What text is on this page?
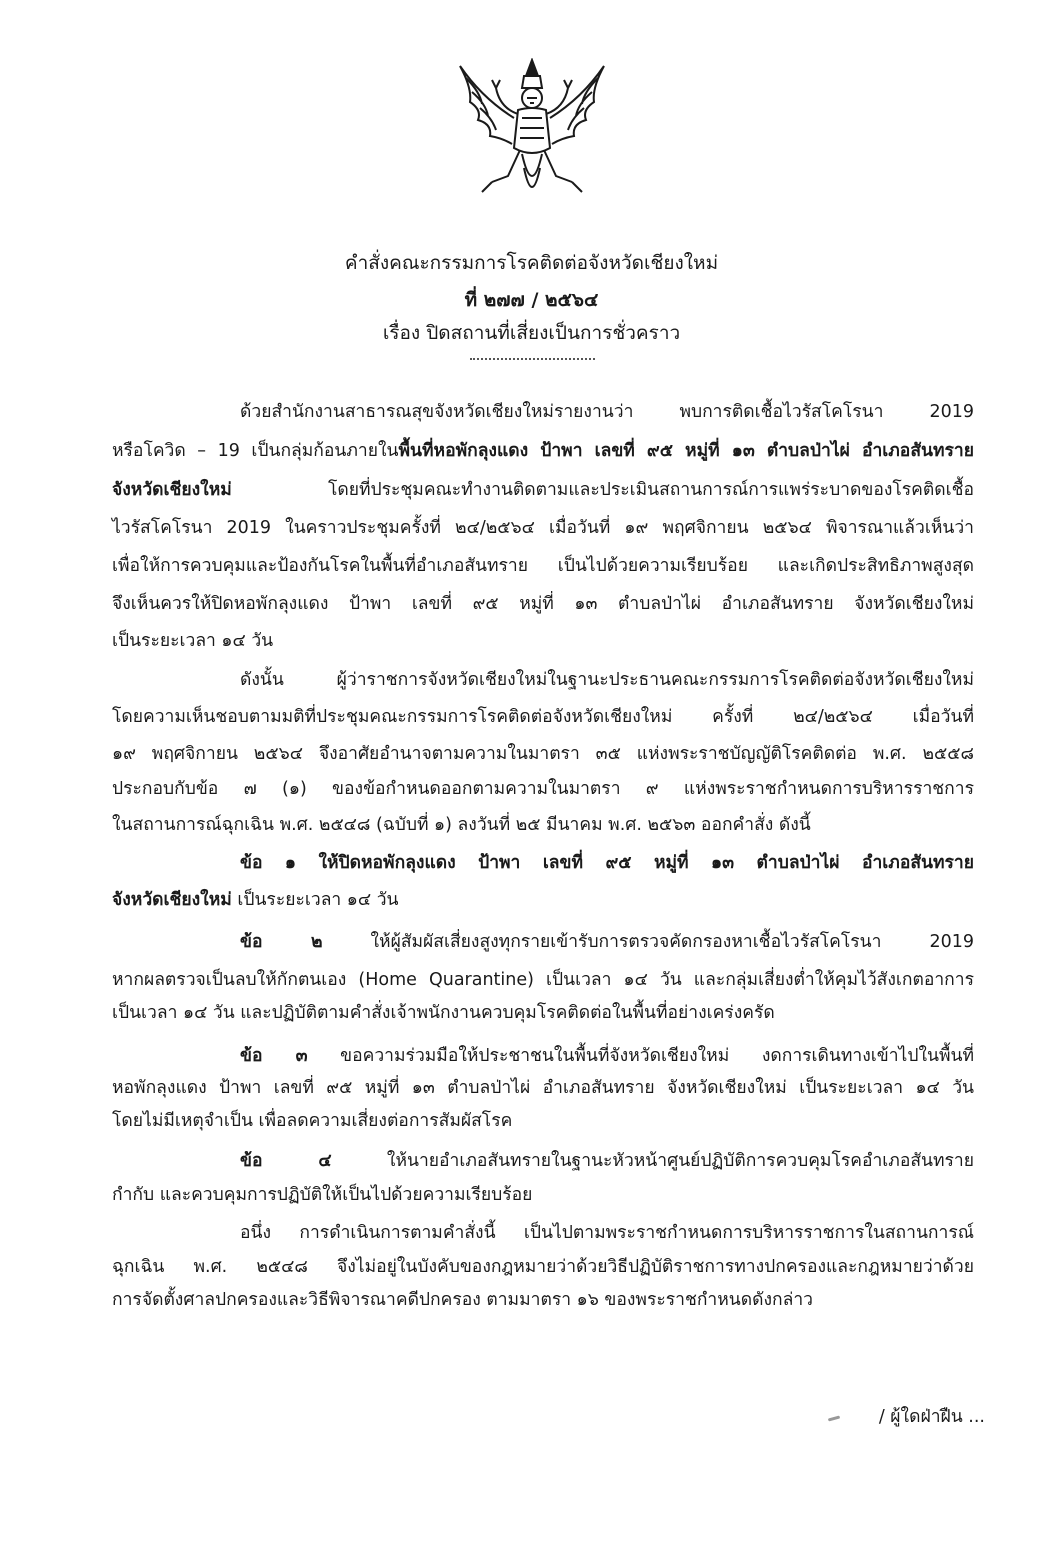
คำสั่งคณะกรรมการโรคติดต่อจังหวัดเชียงใหม่
ที่ ๒๗๗ / ๒๕๖๔
เรื่อง ปิดสถานที่เสี่ยงเป็นการชั่วคราว
ด้วยสำนักงานสาธารณสุขจังหวัดเชียงใหม่รายงานว่า พบการติดเชื้อไวรัสโคโรนา 2019
หรือโควิด – 19 เป็นกลุ่มก้อนภายในพื้นที่หอพักลุงแดง ป้าพา เลขที่ ๙๕ หมู่ที่ ๑๓ ตำบลป่าไผ่ อำเภอสันทราย
จังหวัดเชียงใหม่ โดยที่ประชุมคณะทำงานติดตามและประเมินสถานการณ์การแพร่ระบาดของโรคติดเชื้อ
ไวรัสโคโรนา 2019 ในคราวประชุมครั้งที่ ๒๔/๒๕๖๔ เมื่อวันที่ ๑๙ พฤศจิกายน ๒๕๖๔ พิจารณาแล้วเห็นว่า
เพื่อให้การควบคุมและป้องกันโรคในพื้นที่อำเภอสันทราย เป็นไปด้วยความเรียบร้อย และเกิดประสิทธิภาพสูงสุด
จึงเห็นควรให้ปิดหอพักลุงแดง ป้าพา เลขที่ ๙๕ หมู่ที่ ๑๓ ตำบลป่าไผ่ อำเภอสันทราย จังหวัดเชียงใหม่
เป็นระยะเวลา ๑๔ วัน
ดังนั้น ผู้ว่าราชการจังหวัดเชียงใหม่ในฐานะประธานคณะกรรมการโรคติดต่อจังหวัดเชียงใหม่
โดยความเห็นชอบตามมติที่ประชุมคณะกรรมการโรคติดต่อจังหวัดเชียงใหม่ ครั้งที่ ๒๔/๒๕๖๔ เมื่อวันที่
๑๙ พฤศจิกายน ๒๕๖๔ จึงอาศัยอำนาจตามความในมาตรา ๓๕ แห่งพระราชบัญญัติโรคติดต่อ พ.ศ. ๒๕๕๘
ประกอบกับข้อ ๗ (๑) ของข้อกำหนดออกตามความในมาตรา ๙ แห่งพระราชกำหนดการบริหารราชการ
ในสถานการณ์ฉุกเฉิน พ.ศ. ๒๕๔๘ (ฉบับที่ ๑) ลงวันที่ ๒๕ มีนาคม พ.ศ. ๒๕๖๓ ออกคำสั่ง ดังนี้
ข้อ ๑ ให้ปิดหอพักลุงแดง ป้าพา เลขที่ ๙๕ หมู่ที่ ๑๓ ตำบลป่าไผ่ อำเภอสันทราย
จังหวัดเชียงใหม่ เป็นระยะเวลา ๑๔ วัน
ข้อ ๒ ให้ผู้สัมผัสเสี่ยงสูงทุกรายเข้ารับการตรวจคัดกรองหาเชื้อไวรัสโคโรนา 2019
หากผลตรวจเป็นลบให้กักตนเอง (Home Quarantine) เป็นเวลา ๑๔ วัน และกลุ่มเสี่ยงต่ำให้คุมไว้สังเกตอาการ
เป็นเวลา ๑๔ วัน และปฏิบัติตามคำสั่งเจ้าพนักงานควบคุมโรคติดต่อในพื้นที่อย่างเคร่งครัด
ข้อ ๓ ขอความร่วมมือให้ประชาชนในพื้นที่จังหวัดเชียงใหม่ งดการเดินทางเข้าไปในพื้นที่
หอพักลุงแดง ป้าพา เลขที่ ๙๕ หมู่ที่ ๑๓ ตำบลป่าไผ่ อำเภอสันทราย จังหวัดเชียงใหม่ เป็นระยะเวลา ๑๔ วัน
โดยไม่มีเหตุจำเป็น เพื่อลดความเสี่ยงต่อการสัมผัสโรค
ข้อ ๔ ให้นายอำเภอสันทรายในฐานะหัวหน้าศูนย์ปฏิบัติการควบคุมโรคอำเภอสันทราย
กำกับ และควบคุมการปฏิบัติให้เป็นไปด้วยความเรียบร้อย
อนึ่ง การดำเนินการตามคำสั่งนี้ เป็นไปตามพระราชกำหนดการบริหารราชการในสถานการณ์
ฉุกเฉิน พ.ศ. ๒๕๔๘ จึงไม่อยู่ในบังคับของกฎหมายว่าด้วยวิธีปฏิบัติราชการทางปกครองและกฎหมายว่าด้วย
การจัดตั้งศาลปกครองและวิธีพิจารณาคดีปกครอง ตามมาตรา ๑๖ ของพระราชกำหนดดังกล่าว
/ ผู้ใดฝ่าฝืน ...
